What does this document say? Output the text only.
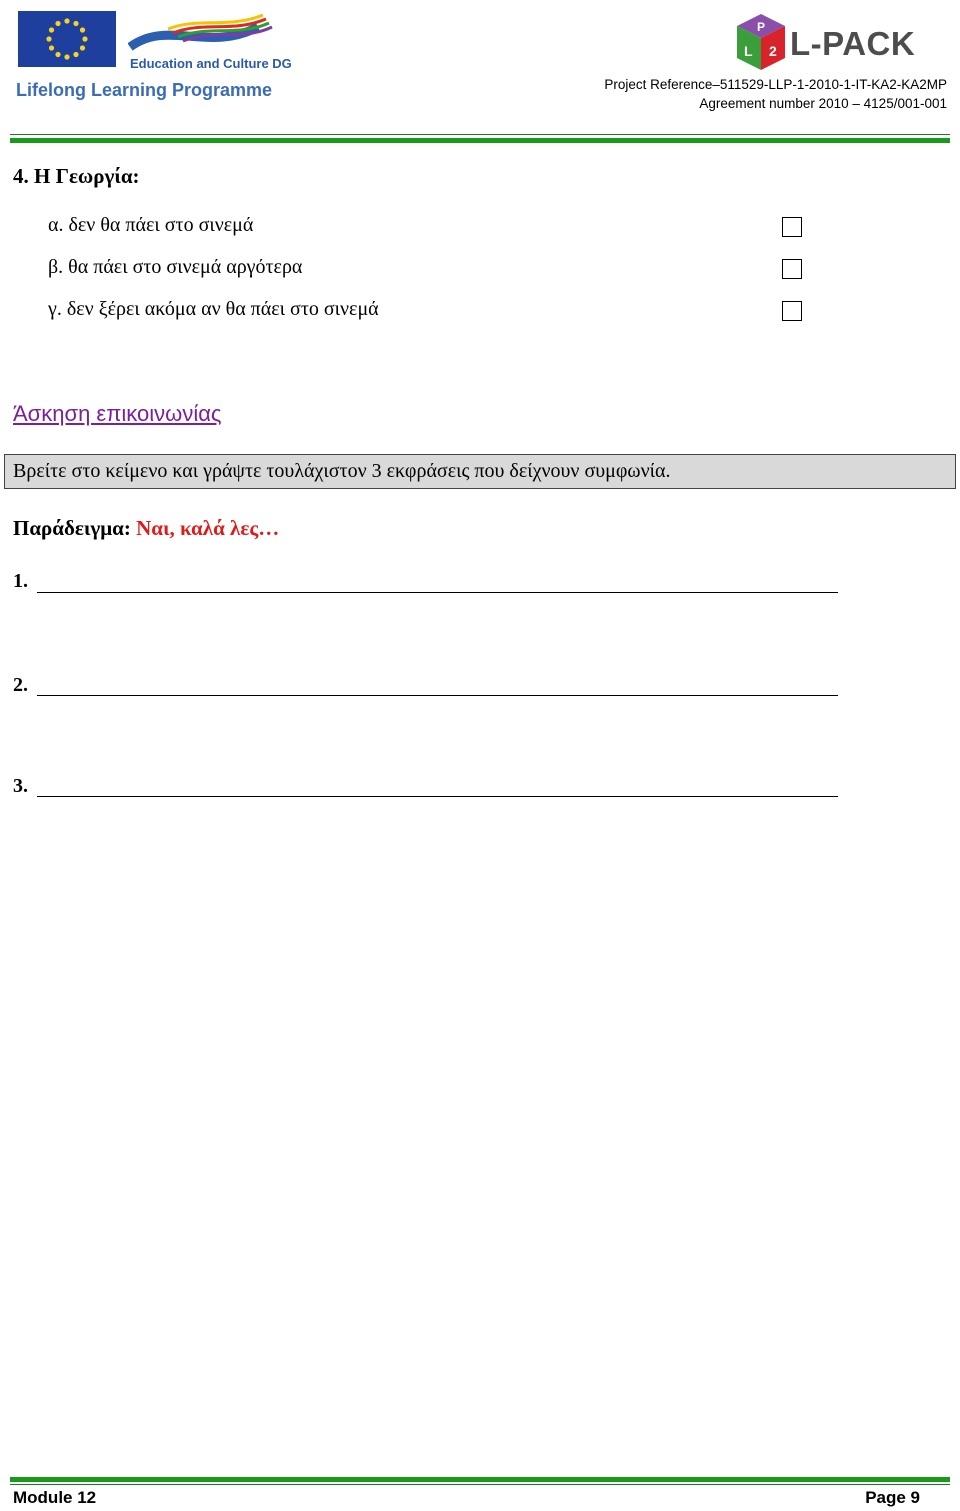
Education and Culture DG
Lifelong Learning Programme
P
L 2 L-PACK
Project Reference–511529-LLP-1-2010-1-IT-KA2-KA2MP
Agreement number 2010 – 4125/001-001
4. Η Γεωργία:
α. δεν θα πάει στο σινεμά
β. θα πάει στο σινεμά αργότερα
γ. δεν ξέρει ακόμα αν θα πάει στο σινεμά
Άσκηση επικοινωνίας
Βρείτε στο κείμενο και γράψτε τουλάχιστον 3 εκφράσεις που δείχνουν συμφωνία.
Παράδειγμα: Ναι, καλά λες…
1.
2.
3.
Module 12	Page 9
